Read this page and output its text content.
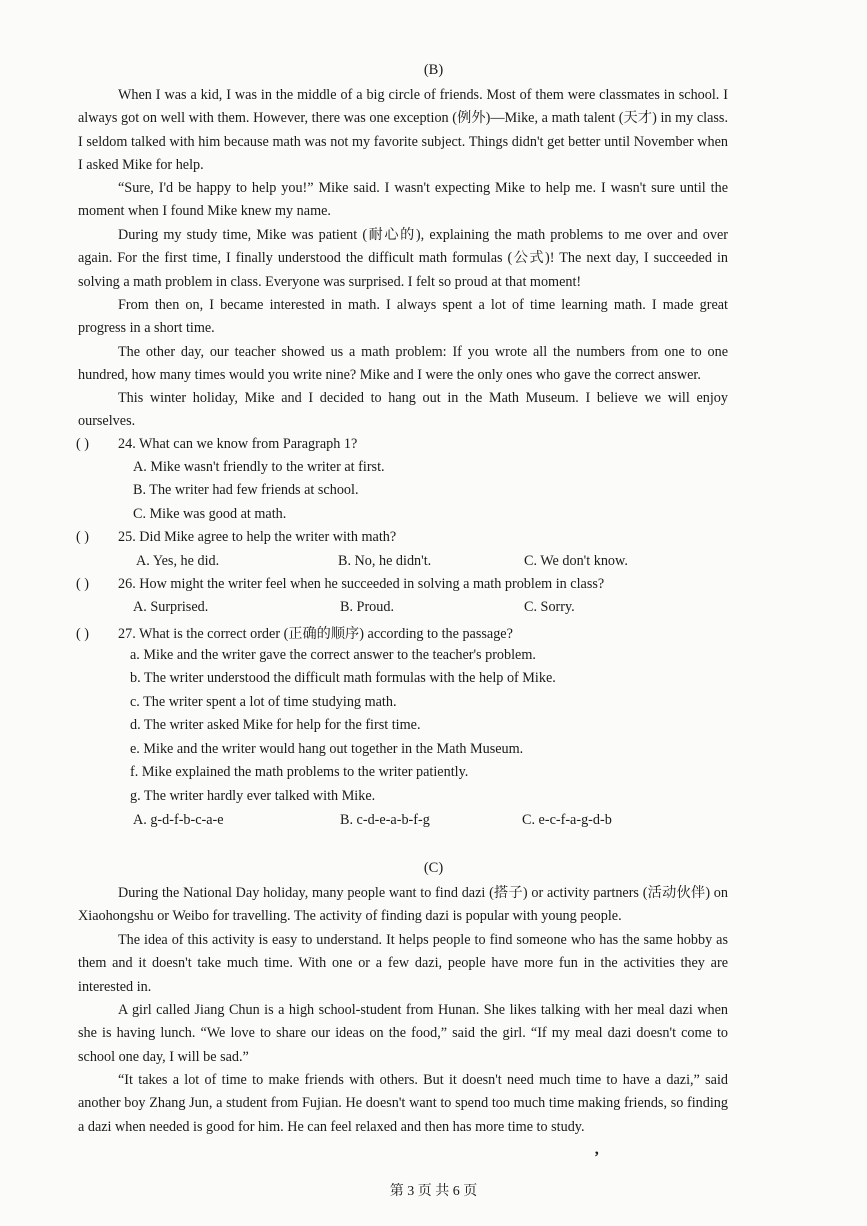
(B)

When I was a kid, I was in the middle of a big circle of friends. Most of them were classmates in school. I always got on well with them. However, there was one exception (例外)—Mike, a math talent (天才) in my class. I seldom talked with him because math was not my favorite subject. Things didn't get better until November when I asked Mike for help.

“Sure, I'd be happy to help you!” Mike said. I wasn't expecting Mike to help me. I wasn't sure until the moment when I found Mike knew my name.

During my study time, Mike was patient (耐心的), explaining the math problems to me over and over again. For the first time, I finally understood the difficult math formulas (公式)! The next day, I succeeded in solving a math problem in class. Everyone was surprised. I felt so proud at that moment!

From then on, I became interested in math. I always spent a lot of time learning math. I made great progress in a short time.

The other day, our teacher showed us a math problem: If you wrote all the numbers from one to one hundred, how many times would you write nine? Mike and I were the only ones who gave the correct answer.

This winter holiday, Mike and I decided to hang out in the Math Museum. I believe we will enjoy ourselves.

( ) 24. What can we know from Paragraph 1?
A. Mike wasn't friendly to the writer at first.
B. The writer had few friends at school.
C. Mike was good at math.
( ) 25. Did Mike agree to help the writer with math?
A. Yes, he did.	B. No, he didn't.	C. We don't know.
( ) 26. How might the writer feel when he succeeded in solving a math problem in class?
A. Surprised.	B. Proud.	C. Sorry.
( ) 27. What is the correct order (正确的顺序) according to the passage?
a. Mike and the writer gave the correct answer to the teacher's problem.
b. The writer understood the difficult math formulas with the help of Mike.
c. The writer spent a lot of time studying math.
d. The writer asked Mike for help for the first time.
e. Mike and the writer would hang out together in the Math Museum.
f. Mike explained the math problems to the writer patiently.
g. The writer hardly ever talked with Mike.
A. g-d-f-b-c-a-e	B. c-d-e-a-b-f-g	C. e-c-f-a-g-d-b
(C)

During the National Day holiday, many people want to find dazi (搭子) or activity partners (活动伙伴) on Xiaohongshu or Weibo for travelling. The activity of finding dazi is popular with young people.

The idea of this activity is easy to understand. It helps people to find someone who has the same hobby as them and it doesn't take much time. With one or a few dazi, people have more fun in the activities they are interested in.

A girl called Jiang Chun is a high school-student from Hunan. She likes talking with her meal dazi when she is having lunch. “We love to share our ideas on the food,” said the girl. “If my meal dazi doesn't come to school one day, I will be sad.”

“It takes a lot of time to make friends with others. But it doesn't need much time to have a dazi,” said another boy Zhang Jun, a student from Fujian. He doesn't want to spend too much time making friends, so finding a dazi when needed is good for him. He can feel relaxed and then has more time to study.

’
第 3 页 共 6 页
